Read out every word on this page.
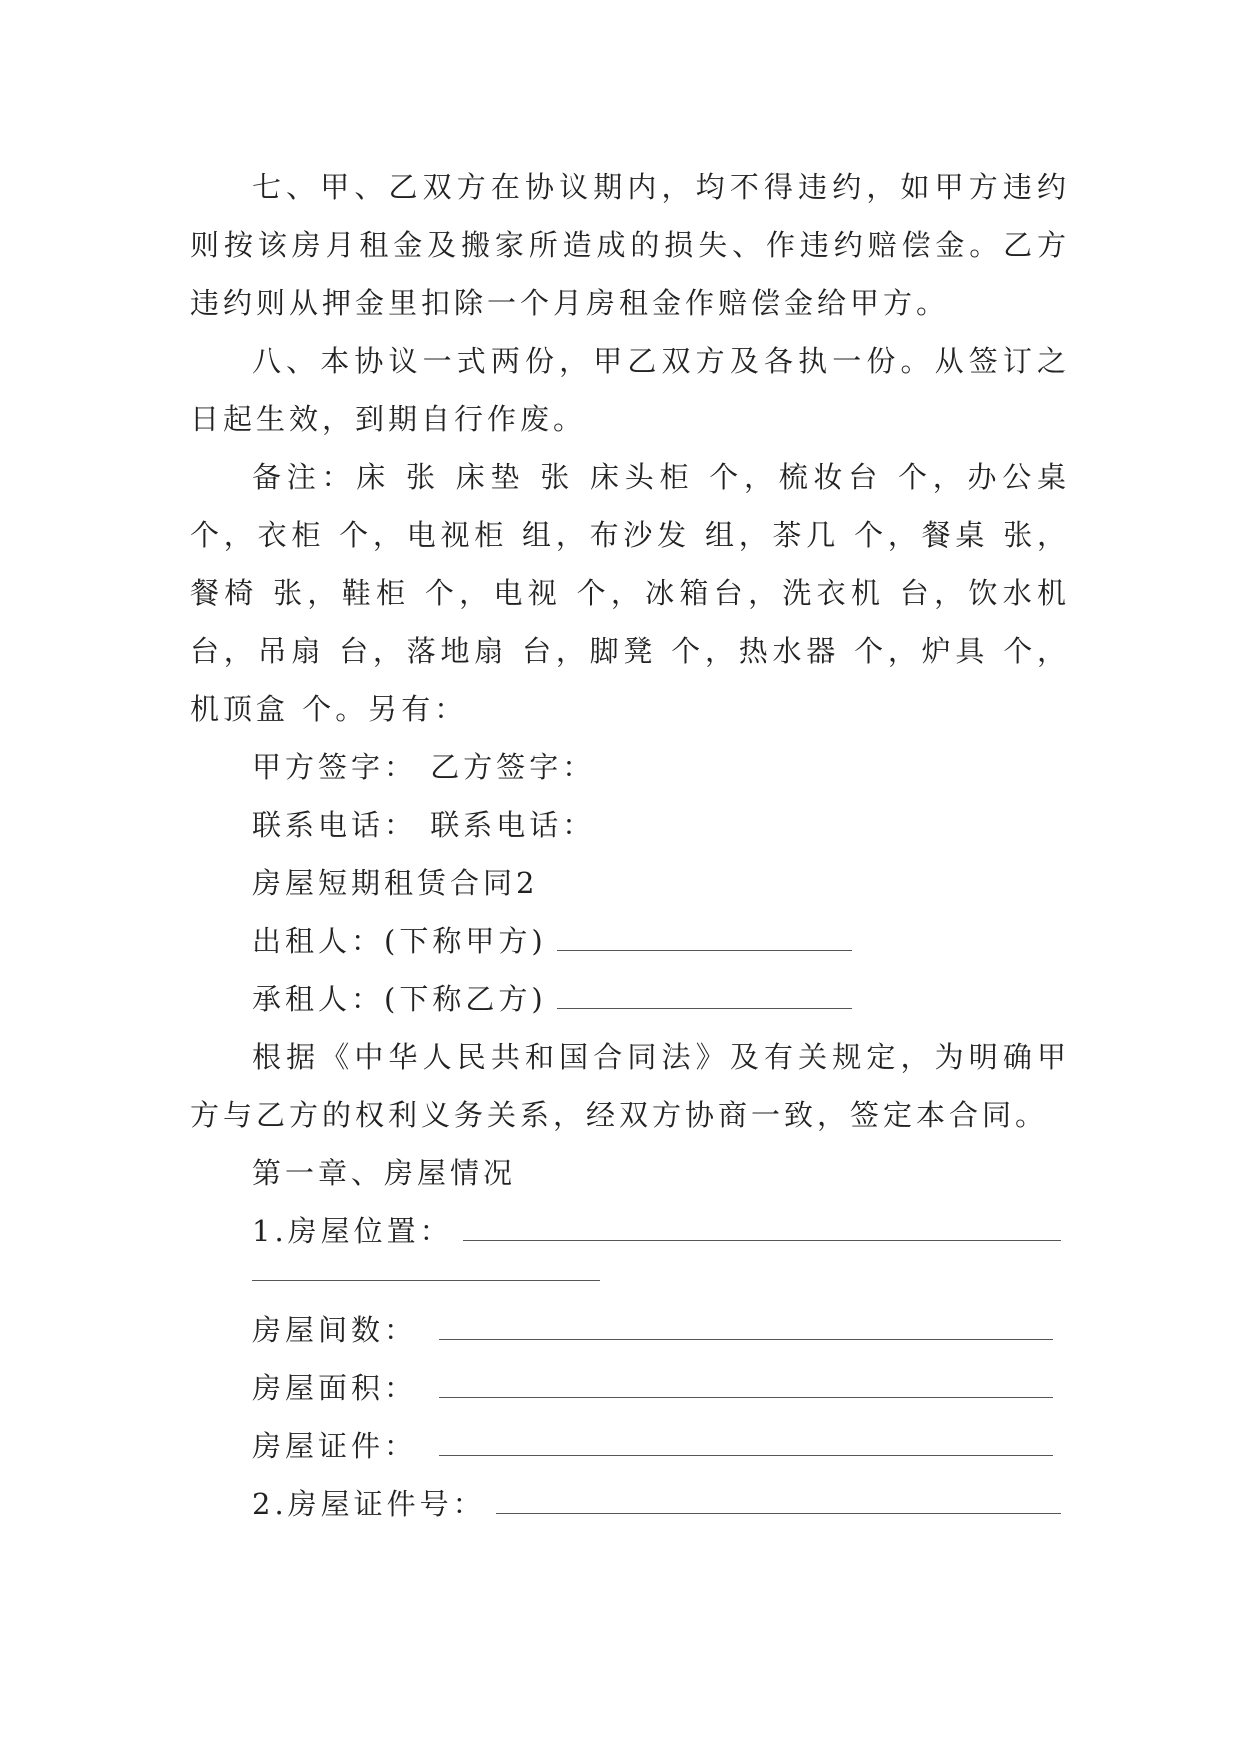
七、甲、乙双方在协议期内，均不得违约，如甲方违约则按该房月租金及搬家所造成的损失、作违约赔偿金。乙方违约则从押金里扣除一个月房租金作赔偿金给甲方。

八、本协议一式两份，甲乙双方及各执一份。从签订之日起生效，到期自行作废。

备注：床 张 床垫 张 床头柜 个，梳妆台 个，办公桌 个，衣柜 个，电视柜 组，布沙发 组，茶几 个，餐桌 张，餐椅 张，鞋柜 个，电视 个，冰箱台，洗衣机 台，饮水机 台，吊扇 台，落地扇 台，脚凳 个，热水器 个，炉具 个，机顶盒 个。另有：

甲方签字： 乙方签字：

联系电话： 联系电话：

房屋短期租赁合同2

出租人：(下称甲方)

承租人：(下称乙方)

根据《中华人民共和国合同法》及有关规定，为明确甲方与乙方的权利义务关系，经双方协商一致，签定本合同。

第一章、房屋情况

1.房屋位置：

房屋间数：

房屋面积：

房屋证件：

2.房屋证件号：
